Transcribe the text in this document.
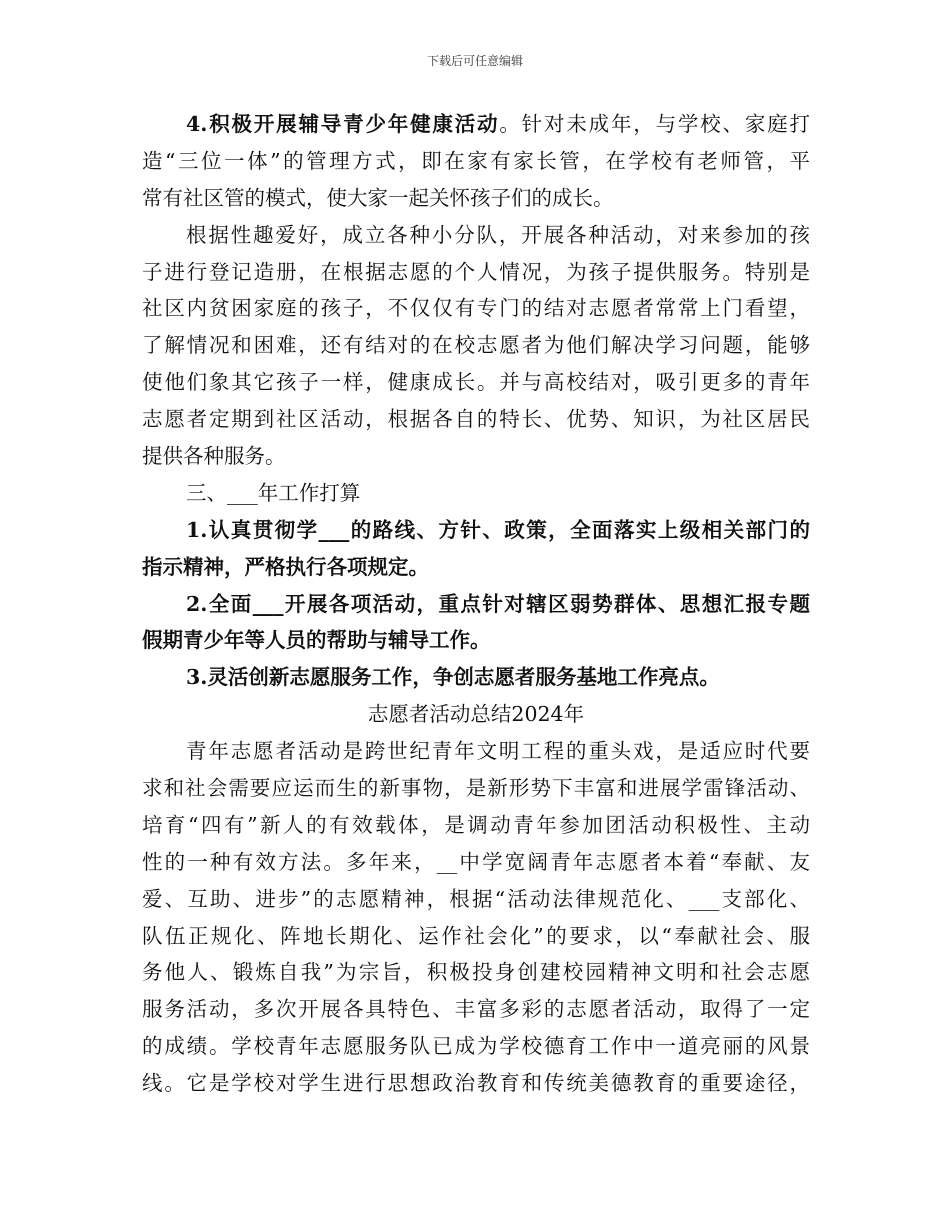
下载后可任意编辑
4.积极开展辅导青少年健康活动。针对未成年，与学校、家庭打
造“三位一体”的管理方式，即在家有家长管，在学校有老师管，平
常有社区管的模式，使大家一起关怀孩子们的成长。
根据性趣爱好，成立各种小分队，开展各种活动，对来参加的孩
子进行登记造册，在根据志愿的个人情况，为孩子提供服务。特别是
社区内贫困家庭的孩子，不仅仅有专门的结对志愿者常常上门看望，
了解情况和困难，还有结对的在校志愿者为他们解决学习问题，能够
使他们象其它孩子一样，健康成长。并与高校结对，吸引更多的青年
志愿者定期到社区活动，根据各自的特长、优势、知识，为社区居民
提供各种服务。
三、___年工作打算
1.认真贯彻学___的路线、方针、政策，全面落实上级相关部门的
指示精神，严格执行各项规定。
2.全面___开展各项活动，重点针对辖区弱势群体、思想汇报专题
假期青少年等人员的帮助与辅导工作。
3.灵活创新志愿服务工作，争创志愿者服务基地工作亮点。
志愿者活动总结2024年
青年志愿者活动是跨世纪青年文明工程的重头戏，是适应时代要
求和社会需要应运而生的新事物，是新形势下丰富和进展学雷锋活动、
培育“四有”新人的有效载体，是调动青年参加团活动积极性、主动
性的一种有效方法。多年来，__中学宽阔青年志愿者本着“奉献、友
爱、互助、进步”的志愿精神，根据“活动法律规范化、___支部化、
队伍正规化、阵地长期化、运作社会化”的要求，以“奉献社会、服
务他人、锻炼自我”为宗旨，积极投身创建校园精神文明和社会志愿
服务活动，多次开展各具特色、丰富多彩的志愿者活动，取得了一定
的成绩。学校青年志愿服务队已成为学校德育工作中一道亮丽的风景
线。它是学校对学生进行思想政治教育和传统美德教育的重要途径，
